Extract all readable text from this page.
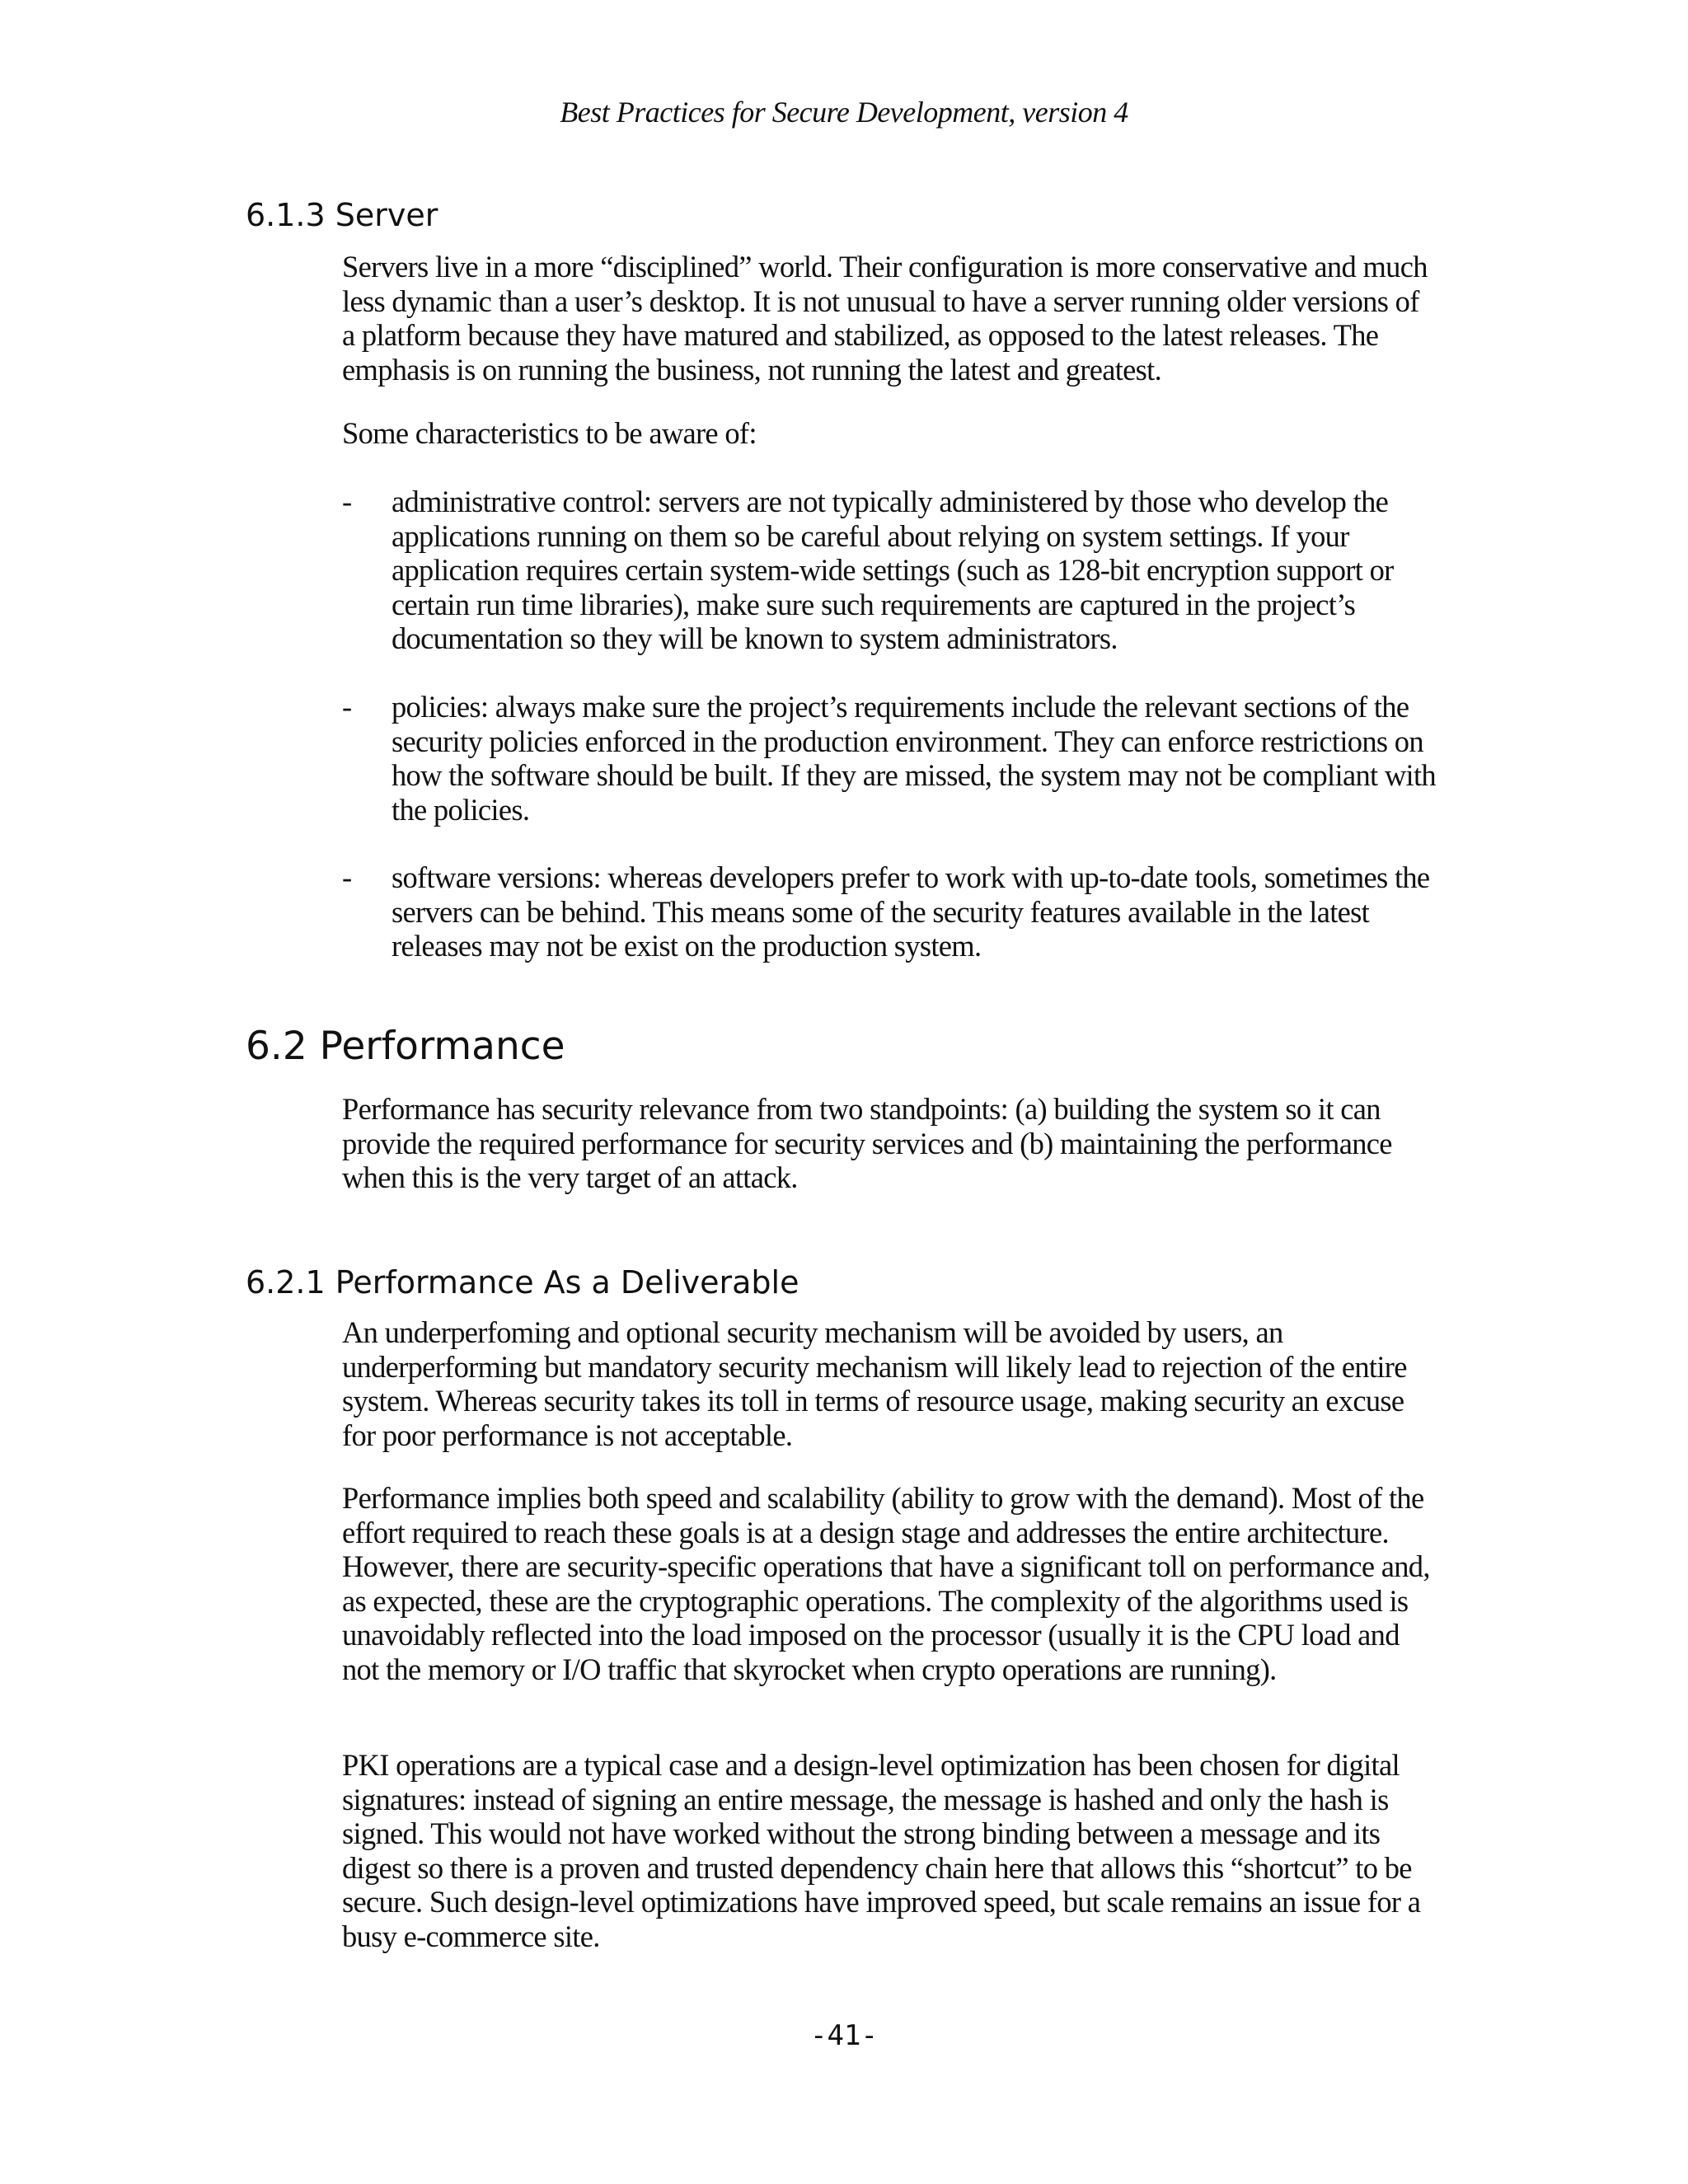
Best Practices for Secure Development, version 4
6.1.3 Server

Servers live in a more “disciplined” world. Their configuration is more conservative and much less dynamic than a user’s desktop. It is not unusual to have a server running older versions of a platform because they have matured and stabilized, as opposed to the latest releases. The emphasis is on running the business, not running the latest and greatest.

Some characteristics to be aware of:

- administrative control: servers are not typically administered by those who develop the applications running on them so be careful about relying on system settings. If your application requires certain system-wide settings (such as 128-bit encryption support or certain run time libraries), make sure such requirements are captured in the project’s documentation so they will be known to system administrators.
- policies: always make sure the project’s requirements include the relevant sections of the security policies enforced in the production environment. They can enforce restrictions on how the software should be built. If they are missed, the system may not be compliant with the policies.
- software versions: whereas developers prefer to work with up-to-date tools, sometimes the servers can be behind. This means some of the security features available in the latest releases may not be exist on the production system.
6.2 Performance

Performance has security relevance from two standpoints: (a) building the system so it can provide the required performance for security services and (b) maintaining the performance when this is the very target of an attack.

6.2.1 Performance As a Deliverable

An underperfoming and optional security mechanism will be avoided by users, an underperforming but mandatory security mechanism will likely lead to rejection of the entire system. Whereas security takes its toll in terms of resource usage, making security an excuse for poor performance is not acceptable.

Performance implies both speed and scalability (ability to grow with the demand). Most of the effort required to reach these goals is at a design stage and addresses the entire architecture. However, there are security-specific operations that have a significant toll on performance and, as expected, these are the cryptographic operations. The complexity of the algorithms used is unavoidably reflected into the load imposed on the processor (usually it is the CPU load and not the memory or I/O traffic that skyrocket when crypto operations are running).

PKI operations are a typical case and a design-level optimization has been chosen for digital signatures: instead of signing an entire message, the message is hashed and only the hash is signed. This would not have worked without the strong binding between a message and its digest so there is a proven and trusted dependency chain here that allows this “shortcut” to be secure. Such design-level optimizations have improved speed, but scale remains an issue for a busy e-commerce site.

-41-
